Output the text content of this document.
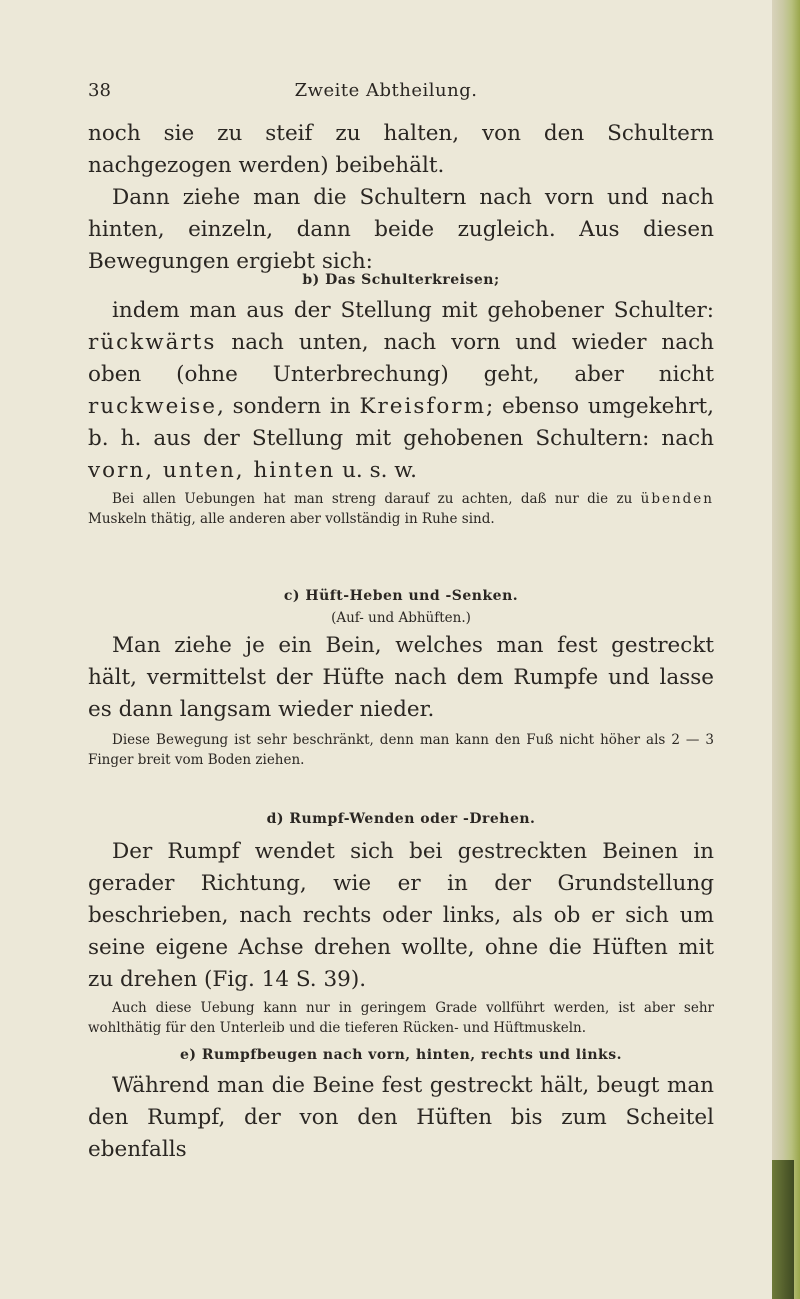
38	Zweite Abtheilung.

noch sie zu steif zu halten, von den Schultern nachgezogen werden) beibehält.

Dann ziehe man die Schultern nach vorn und nach hinten, einzeln, dann beide zugleich. Aus diesen Bewegungen ergiebt sich:

b) Das Schulterkreisen;

indem man aus der Stellung mit gehobener Schulter: rückwärts nach unten, nach vorn und wieder nach oben (ohne Unterbrechung) geht, aber nicht ruckweise, sondern in Kreisform; ebenso umgekehrt, b. h. aus der Stellung mit gehobenen Schultern: nach vorn, unten, hinten u. s. w.

Bei allen Uebungen hat man streng darauf zu achten, daß nur die zu übenden Muskeln thätig, alle anderen aber vollständig in Ruhe sind.

c) Hüft-Heben und -Senken.

(Auf- und Abhüften.)

Man ziehe je ein Bein, welches man fest gestreckt hält, vermittelst der Hüfte nach dem Rumpfe und lasse es dann langsam wieder nieder.

Diese Bewegung ist sehr beschränkt, denn man kann den Fuß nicht höher als 2 — 3 Finger breit vom Boden ziehen.

d) Rumpf-Wenden oder -Drehen.

Der Rumpf wendet sich bei gestreckten Beinen in gerader Richtung, wie er in der Grundstellung beschrieben, nach rechts oder links, als ob er sich um seine eigene Achse drehen wollte, ohne die Hüften mit zu drehen (Fig. 14 S. 39).

Auch diese Uebung kann nur in geringem Grade vollführt werden, ist aber sehr wohlthätig für den Unterleib und die tieferen Rücken- und Hüftmuskeln.

e) Rumpfbeugen nach vorn, hinten, rechts und links.

Während man die Beine fest gestreckt hält, beugt man den Rumpf, der von den Hüften bis zum Scheitel ebenfalls
